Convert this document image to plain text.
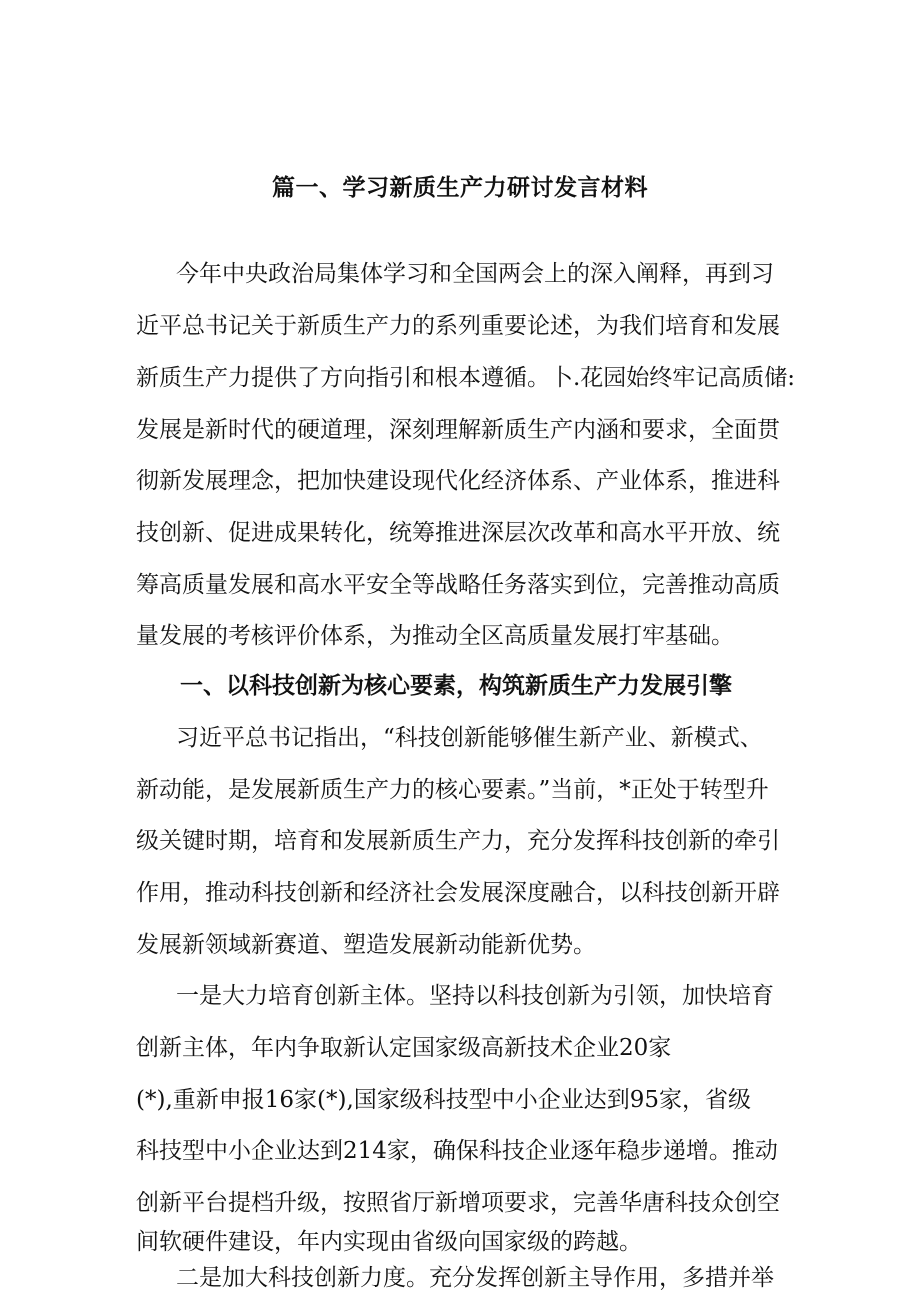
篇一、学习新质生产力研讨发言材料
今年中央政治局集体学习和全国两会上的深入阐释，再到习
近平总书记关于新质生产力的系列重要论述，为我们培育和发展
新质生产力提供了方向指引和根本遵循。卜.花园始终牢记高质储:
发展是新时代的硬道理，深刻理解新质生产内涵和要求，全面贯
彻新发展理念，把加快建设现代化经济体系、产业体系，推进科
技创新、促进成果转化，统筹推进深层次改革和高水平开放、统
筹高质量发展和高水平安全等战略任务落实到位，完善推动高质
量发展的考核评价体系，为推动全区高质量发展打牢基础。
一、以科技创新为核心要素，构筑新质生产力发展引擎
习近平总书记指出，“科技创新能够催生新产业、新模式、
新动能，是发展新质生产力的核心要素。”当前，*正处于转型升
级关键时期，培育和发展新质生产力，充分发挥科技创新的牵引
作用，推动科技创新和经济社会发展深度融合，以科技创新开辟
发展新领域新赛道、塑造发展新动能新优势。
一是大力培育创新主体。坚持以科技创新为引领，加快培育
创新主体，年内争取新认定国家级高新技术企业20家
(*),重新申报16家(*),国家级科技型中小企业达到95家，省级
科技型中小企业达到214家，确保科技企业逐年稳步递增。推动
创新平台提档升级，按照省厅新增项要求，完善华唐科技众创空
间软硬件建设，年内实现由省级向国家级的跨越。
二是加大科技创新力度。充分发挥创新主导作用，多措并举
